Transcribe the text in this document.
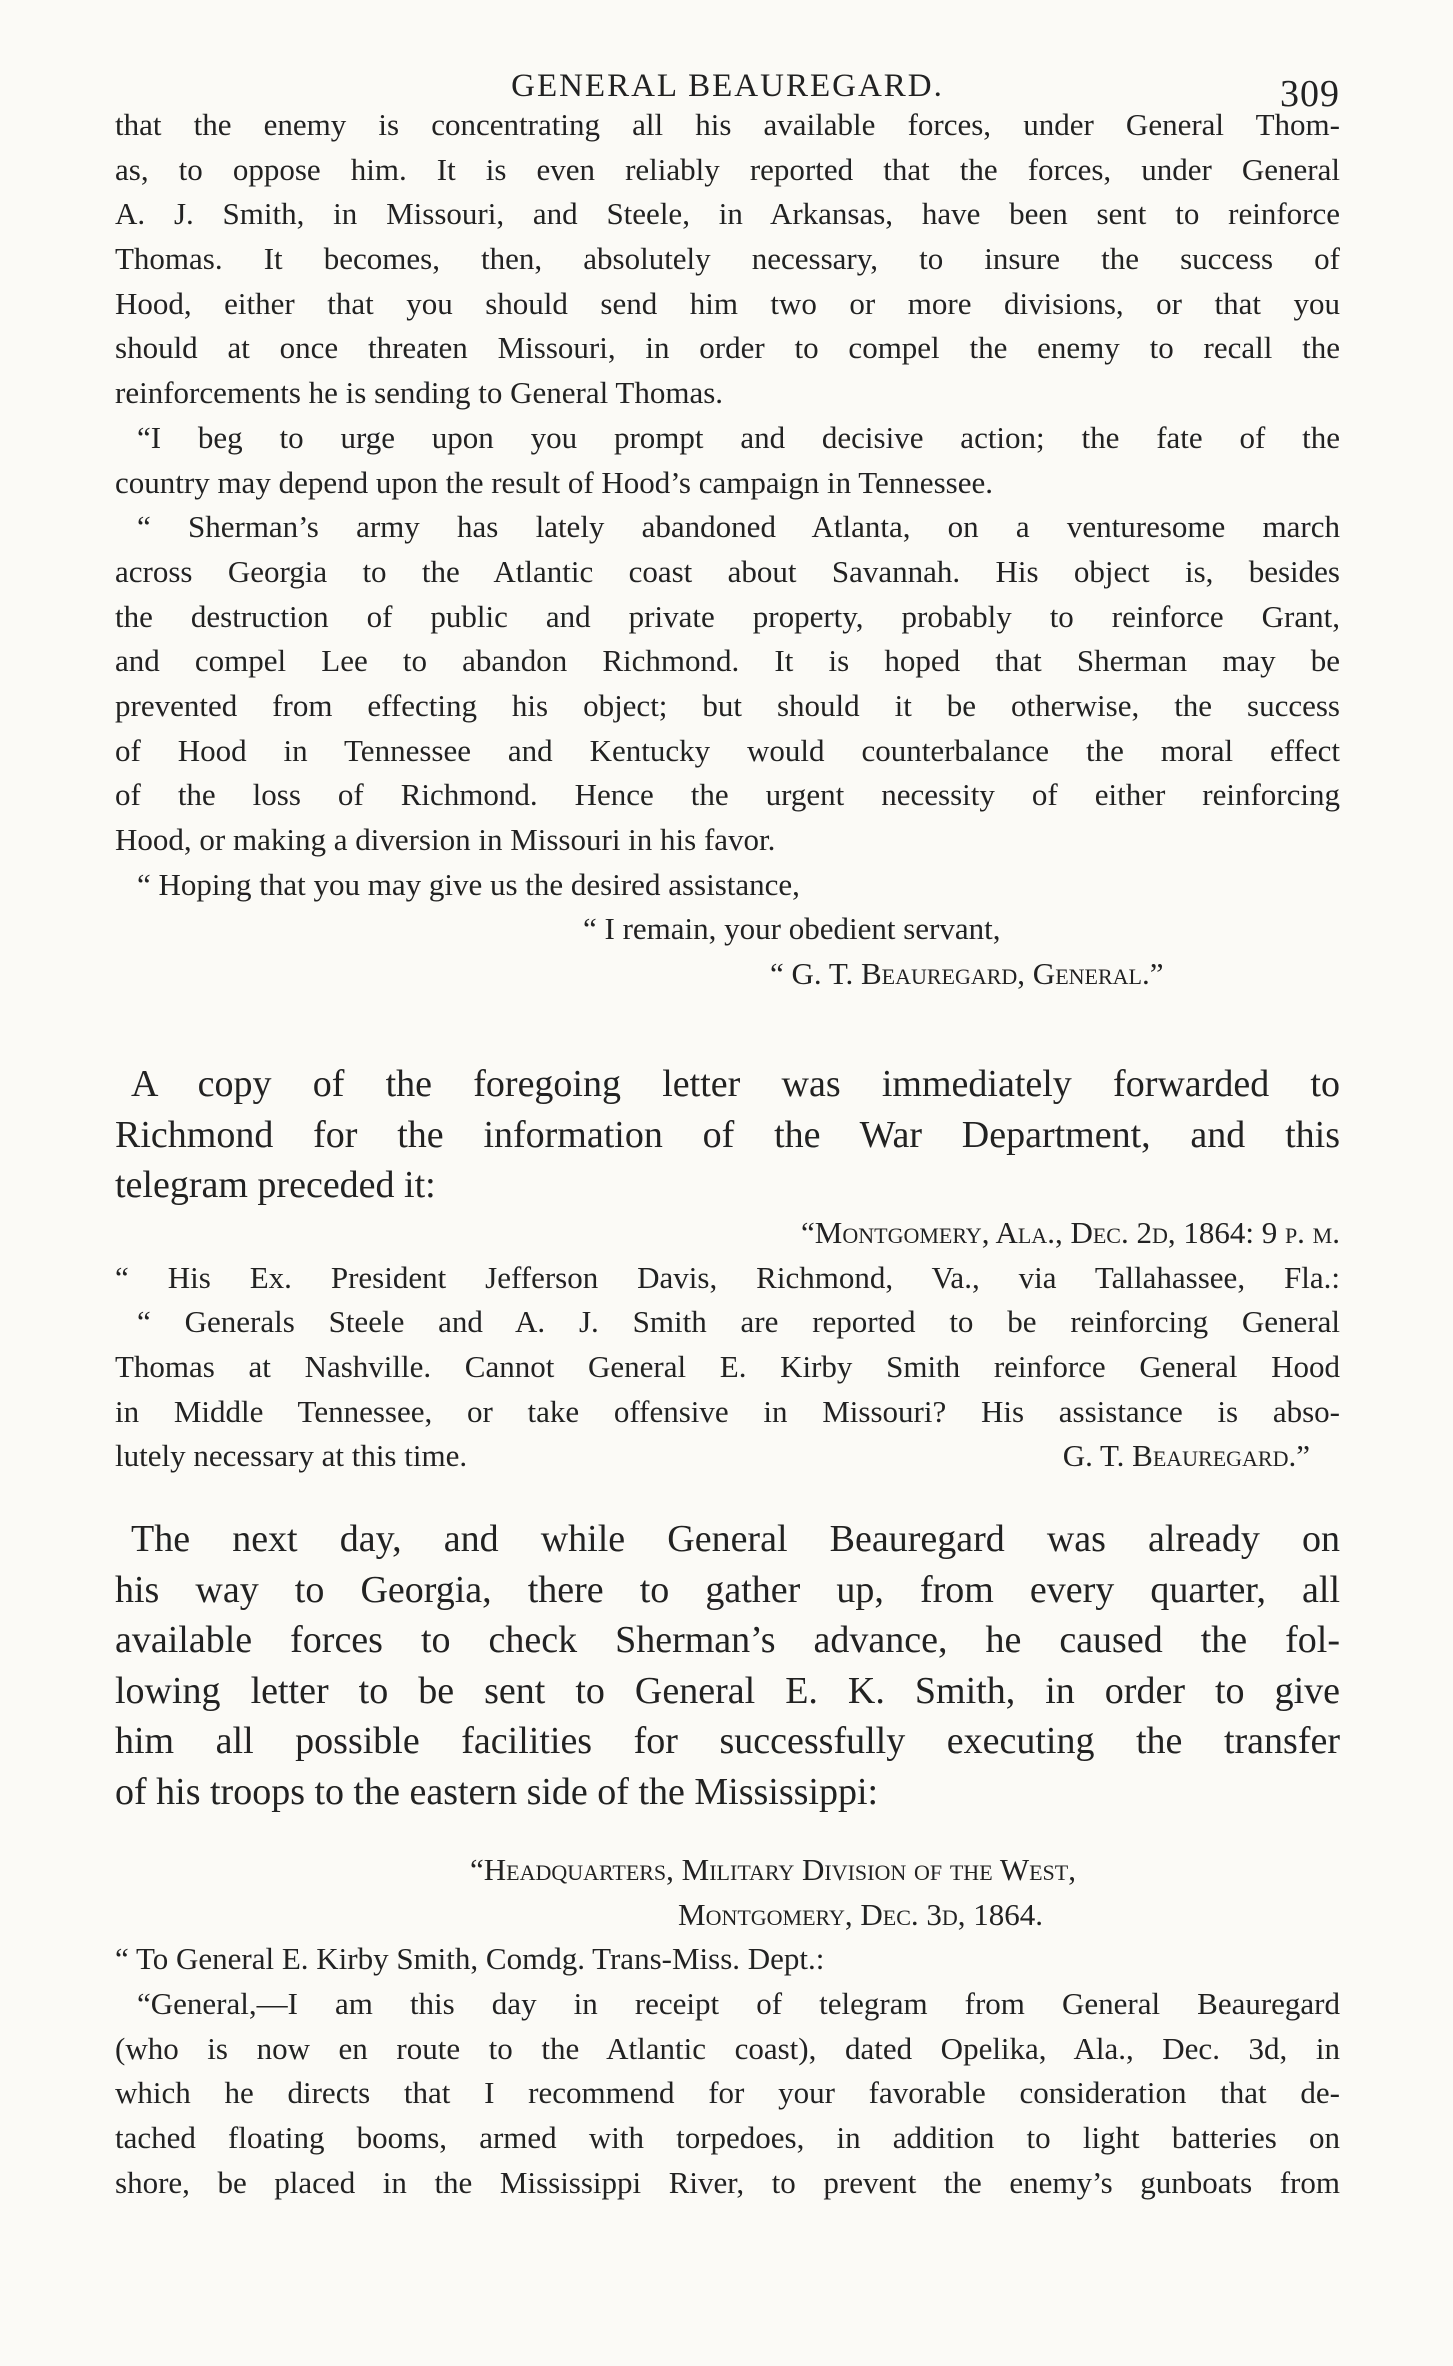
GENERAL BEAUREGARD.	309
that the enemy is concentrating all his available forces, under General Thom-
as, to oppose him. It is even reliably reported that the forces, under General
A. J. Smith, in Missouri, and Steele, in Arkansas, have been sent to reinforce
Thomas. It becomes, then, absolutely necessary, to insure the success of
Hood, either that you should send him two or more divisions, or that you
should at once threaten Missouri, in order to compel the enemy to recall the
reinforcements he is sending to General Thomas.
“I beg to urge upon you prompt and decisive action; the fate of the
country may depend upon the result of Hood’s campaign in Tennessee.
“ Sherman’s army has lately abandoned Atlanta, on a venturesome march
across Georgia to the Atlantic coast about Savannah. His object is, besides
the destruction of public and private property, probably to reinforce Grant,
and compel Lee to abandon Richmond. It is hoped that Sherman may be
prevented from effecting his object; but should it be otherwise, the success
of Hood in Tennessee and Kentucky would counterbalance the moral effect
of the loss of Richmond. Hence the urgent necessity of either reinforcing
Hood, or making a diversion in Missouri in his favor.
“ Hoping that you may give us the desired assistance,
“ I remain, your obedient servant,
“ G. T. Beauregard, General.”
A copy of the foregoing letter was immediately forwarded to
Richmond for the information of the War Department, and this
telegram preceded it:
“Montgomery, Ala., Dec. 2d, 1864: 9 p. m.
“ His Ex. President Jefferson Davis, Richmond, Va., via Tallahassee, Fla.:
“ Generals Steele and A. J. Smith are reported to be reinforcing General
Thomas at Nashville. Cannot General E. Kirby Smith reinforce General Hood
in Middle Tennessee, or take offensive in Missouri? His assistance is abso-
lutely necessary at this time.	G. T. Beauregard.”
The next day, and while General Beauregard was already on
his way to Georgia, there to gather up, from every quarter, all
available forces to check Sherman’s advance, he caused the fol-
lowing letter to be sent to General E. K. Smith, in order to give
him all possible facilities for successfully executing the transfer
of his troops to the eastern side of the Mississippi:
“Headquarters, Military Division of the West,
Montgomery, Dec. 3d, 1864.
“ To General E. Kirby Smith, Comdg. Trans-Miss. Dept.:
“General,—I am this day in receipt of telegram from General Beauregard
(who is now en route to the Atlantic coast), dated Opelika, Ala., Dec. 3d, in
which he directs that I recommend for your favorable consideration that de-
tached floating booms, armed with torpedoes, in addition to light batteries on
shore, be placed in the Mississippi River, to prevent the enemy’s gunboats from
